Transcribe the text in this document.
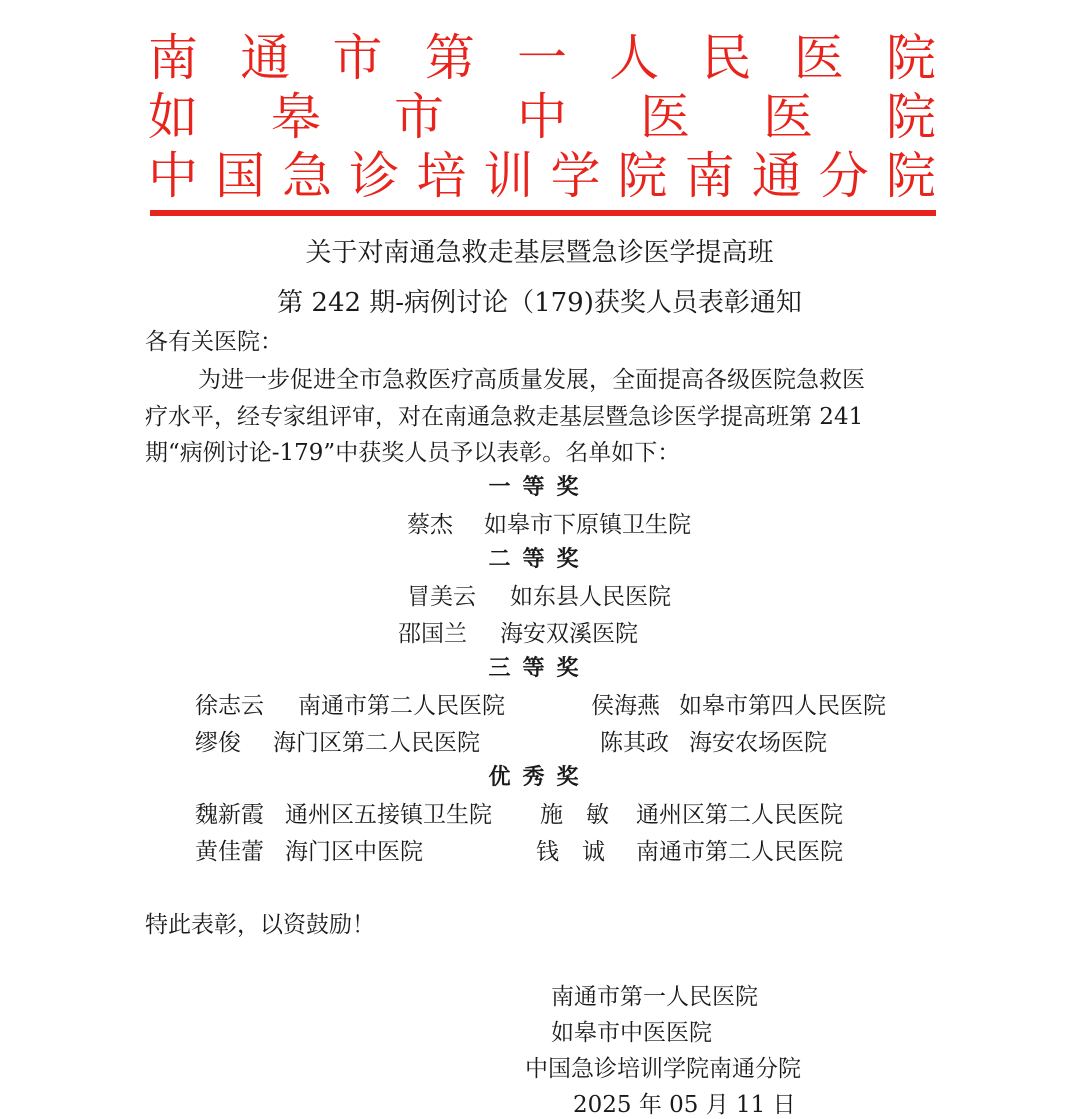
南 通 市 第 一 人 民 医 院
如 皋 市 中 医 医 院
中 国 急 诊 培 训 学 院 南 通 分 院
关于对南通急救走基层暨急诊医学提高班
第 242 期-病例讨论（179)获奖人员表彰通知
各有关医院：
为进一步促进全市急救医疗高质量发展，全面提高各级医院急救医
疗水平，经专家组评审，对在南通急救走基层暨急诊医学提高班第 241
期“病例讨论-179”中获奖人员予以表彰。名单如下：
一等奖
蔡杰 如皋市下原镇卫生院
二等奖
冒美云 如东县人民医院
邵国兰 海安双溪医院
三等奖
徐志云 南通市第二人民医院	侯海燕 如皋市第四人民医院
缪俊 海门区第二人民医院	陈其政 海安农场医院
优秀奖
魏新霞 通州区五接镇卫生院 施　敏 通州区第二人民医院
黄佳蕾 海门区中医院	钱　诚 南通市第二人民医院
特此表彰，以资鼓励！
南通市第一人民医院
如皋市中医医院
中国急诊培训学院南通分院
2025 年 05 月 11 日
